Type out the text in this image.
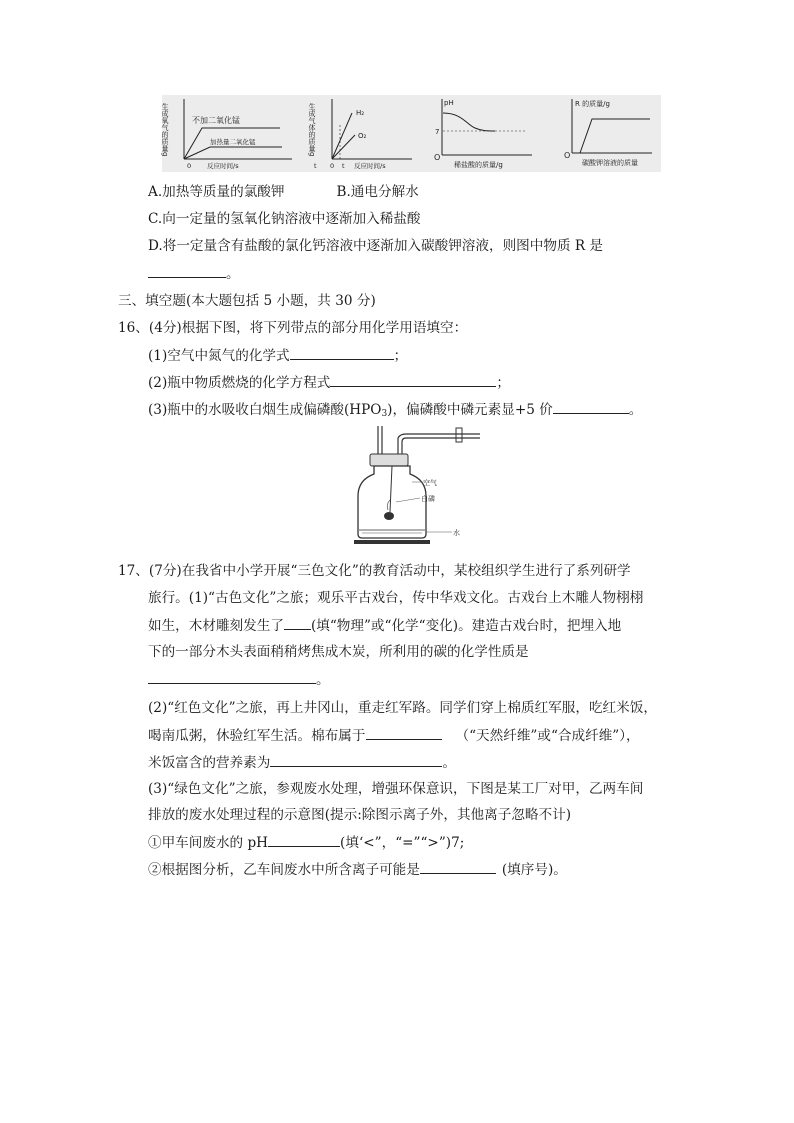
生成氧气的质量g	不加二氧化锰
加热量二氧化锰
0 反应时间/s
生成气体的质量g	H₂
O₂
t 0 t 反应时间/s
pH
7
O
稀盐酸的质量/g
R 的质量/g
O
碳酸钾溶液的质量
A.加热等质量的氯酸钾	B.通电分解水
C.向一定量的氢氧化钠溶液中逐渐加入稀盐酸
D.将一定量含有盐酸的氯化钙溶液中逐渐加入碳酸钾溶液，则图中物质 R 是
。
三、填空题(本大题包括 5 小题，共 30 分)
16、(4分)根据下图，将下列带点的部分用化学用语填空：
(1)空气中氮气的化学式	；
(2)瓶中物质燃烧的化学方程式	；
(3)瓶中的水吸收白烟生成偏磷酸$(HPO_3)$，偏磷酸中磷元素显+5 价	。
空气
白磷
水
17、(7分)在我省中小学开展“三色文化”的教育活动中，某校组织学生进行了系列研学
旅行。(1)“古色文化”之旅；观乐平古戏台，传中华戏文化。古戏台上木雕人物栩栩
如生，木材雕刻发生了 (填“物理”或“化学“变化)。建造古戏台时，把埋入地
下的一部分木头表面稍稍烤焦成木炭，所利用的碳的化学性质是
。
(2)“红色文化”之旅，再上井冈山，重走红军路。同学们穿上棉质红军服，吃红米饭，
喝南瓜粥，休验红军生活。棉布属于	（“天然纤维”或“合成纤维”），
米饭富含的营养素为	。
(3)“绿色文化”之旅，参观废水处理，增强环保意识，下图是某工厂对甲，乙两车间
排放的废水处理过程的示意图(提示:除图示离子外，其他离子忽略不计)
①甲车间废水的 pH	(填‘<”，“=”“>”)7;
②根据图分析，乙车间废水中所含离子可能是	(填序号)。
